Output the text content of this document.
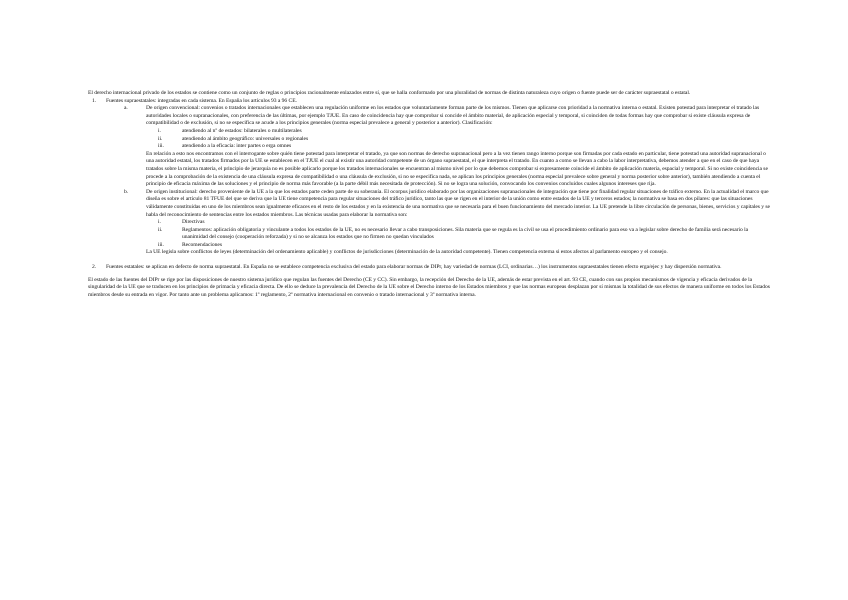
El derecho internacional privado de los estados se contiene como un conjunto de reglas o principios racionalmente enlazados entre sí, que se halla conformado por una pluralidad de normas de distinta naturaleza cuyo origen o fuente puede ser de carácter supraestatal o estatal.

1.	Fuentes supraestatales: integradas en cada sistema. En España los artículos 93 a 96 CE.
a.	De origen convencional: convenios o tratados internacionales que establecen una regulación uniforme en los estados que voluntariamente forman parte de los mismos. Tienen que aplicarse con prioridad a la normativa interna o estatal. Existen potestad para interpretar el tratado las autoridades locales o supranacionales, con preferencia de las últimas, por ejemplo TJUE. En caso de coincidencia hay que comprobar si concide el ámbito material, de aplicación especial y temporal, si coinciden de todas formas hay que comprobar si existe cláusula expresa de compatibilidad o de exclusión, si no se especifica se acude a los principios generales (norma especial prevalece a general y posterior a anterior). Clasificación:
i.	atendiendo al nº de estados: bilaterales o multilaterales
ii.	atendiendo al ámbito geográfico: universales o regionales
iii.	atendiendo a la eficacia: inter partes o erga omnes

En relación a esto nos encontramos con el interrogante sobre quién tiene potestad para interpretar el tratado, ya que son normas de derecho supranacional pero a la vez tienen rango interno porque son firmadas por cada estado en particular, tiene potestad una autoridad supranacional o una autoridad estatal, los tratados firmados por la UE se establecen en el TJUE el cual al existir una autoridad competente de un órgano supraestatal, el que interpreta el tratado. En cuanto a como se llevan a cabo la labor interpretativa, debemos atender a que en el caso de que haya tratados sobre la misma materia, el principio de jerarquía no es posible aplicarlo porque los tratados internacionales se encuentran al mismo nivel por lo que debemos comprobar si expresamente coincide el ámbito de aplicación materia, espacial y temporal. Si no existe coincidencia se procede a la comprobación de la existencia de una cláusula expresa de compatibilidad o una cláusula de exclusión, si no se especifica nada, se aplican los principios generales (norma especial prevalece sobre general y norma posterior sobre anterior), también atendiendo a cuenta el principio de eficacia máxima de las soluciones y el principio de norma más favorable (a la parte débil más necesitada de protección). Si no se logra una solución, convocando los convenios concluidos cuales algunos intereses que rija.

b.	De origen institucional: derecho proveniente de la UE a la que los estados parte ceden parte de su soberanía. El ocorpus jurídico elaborado por las organizaciones supranacionales de integración que tiene por finalidad regular situaciones de tráfico externo. En la actualidad el marco que diseña es sobre el artículo 81 TFUE del que se deriva que la UE tiene competencia para regular situaciones del tráfico jurídico, tanto las que se rigen en el interior de la unión como entre estados de la UE y terceros estados; la normativa se basa en dos pilares: que las situaciones válidamente constituidas en uno de los miembros sean igualmente eficaces en el resto de los estados y en la existencia de una normativa que se necesaria para el buen funcionamiento del mercado interior. La UE pretende la libre circulación de personas, bienes, servicios y capitales y se habla del reconocimiento de sentencias entre los estados miembros. Las técnicas usadas para elaborar la normativa son:
i.	Directivas
ii.	Reglamentos: aplicación obligatoria y vinculante a todos los estados de la UE, no es necesario llevar a cabo transposiciones. Sila materia que se regula es la civil se usa el procedimiento ordinario para eso va a legislar sobre derecho de familia será necesario la unanimidad del consejo (cooperación reforzada) y si no se alcanza los estados que no firmen no quedan vinculados
iii.	Recomendaciones

La UE legisla sobre conflictos de leyes (determinación del ordenamiento aplicable) y conflictos de jurisdicciones (determinación de la autoridad competente). Tienen competencia externa si estos afectos al parlamento europeo y el consejo.

2.	Fuentes estatales: se aplican en defecto de norma supraestatal. En España no se establece competencia exclusiva del estado para elaborar normas de DIPr, hay variedad de normas (LCI, ordinarias…) los instrumentos supraestatales tienen efecto erga/ejec y hay dispersión normativa.

El estado de las fuentes del DIPr se rige por las disposiciones de nuestro sistema jurídico que regulan las fuentes del Derecho (CE y CC). Sin embargo, la recepción del Derecho de la UE, además de estar prevista en el art. 93 CE, cuando con sus propios mecanismos de vigencia y eficacia derivados de la singularidad de la UE que se traducen en los principios de primacía y eficacia directa. De ello se deduce la prevalencia del Derecho de la UE sobre el Derecho interno de los Estados miembros y que las normas europeas desplazan por sí mismas la totalidad de sus efectos de manera uniforme en todos los Estados miembros desde su entrada en vigor. Por tanto ante un problema aplicamos: 1º reglamento, 2º normativa internacional en convenio o tratado internacional y 3º normativa interna.
